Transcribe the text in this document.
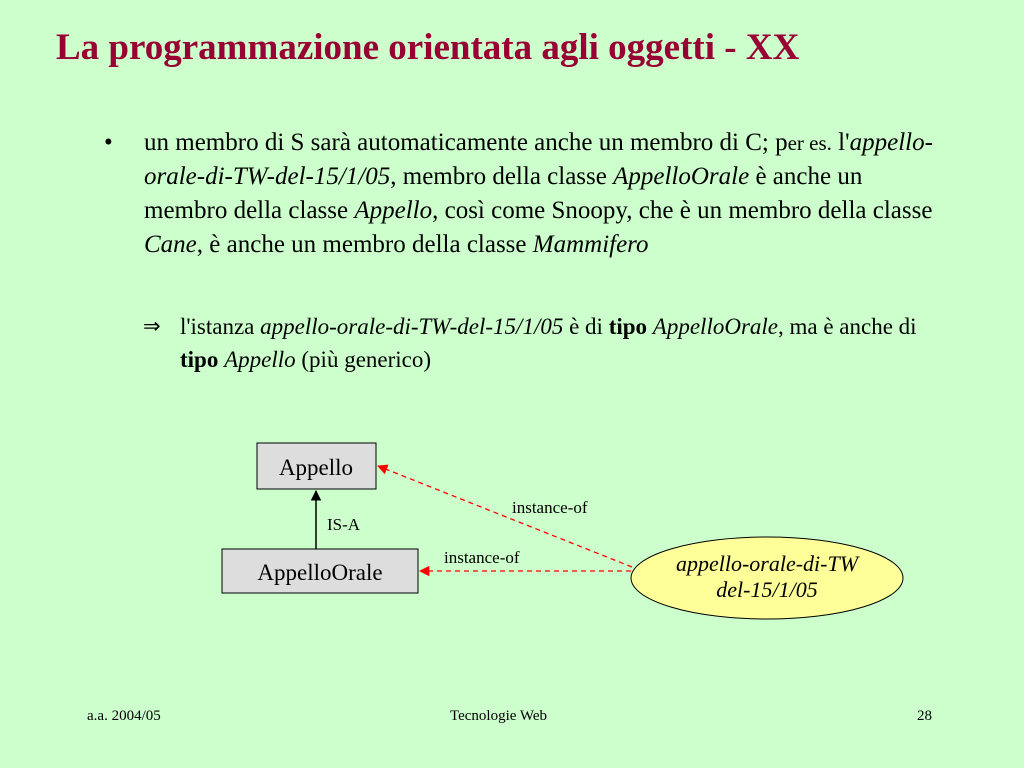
La programmazione orientata agli oggetti - XX
• un membro di S sarà automaticamente anche un membro di C; per es. l'appello-orale-di-TW-del-15/1/05, membro della classe AppelloOrale è anche un membro della classe Appello, così come Snoopy, che è un membro della classe Cane, è anche un membro della classe Mammifero
⇒ l'istanza appello-orale-di-TW-del-15/1/05 è di tipo AppelloOrale, ma è anche di tipo Appello (più generico)
Appello
AppelloOrale
IS-A
appello-orale-di-TW
del-15/1/05
instance-of
instance-of
a.a. 2004/05	Tecnologie Web	28
